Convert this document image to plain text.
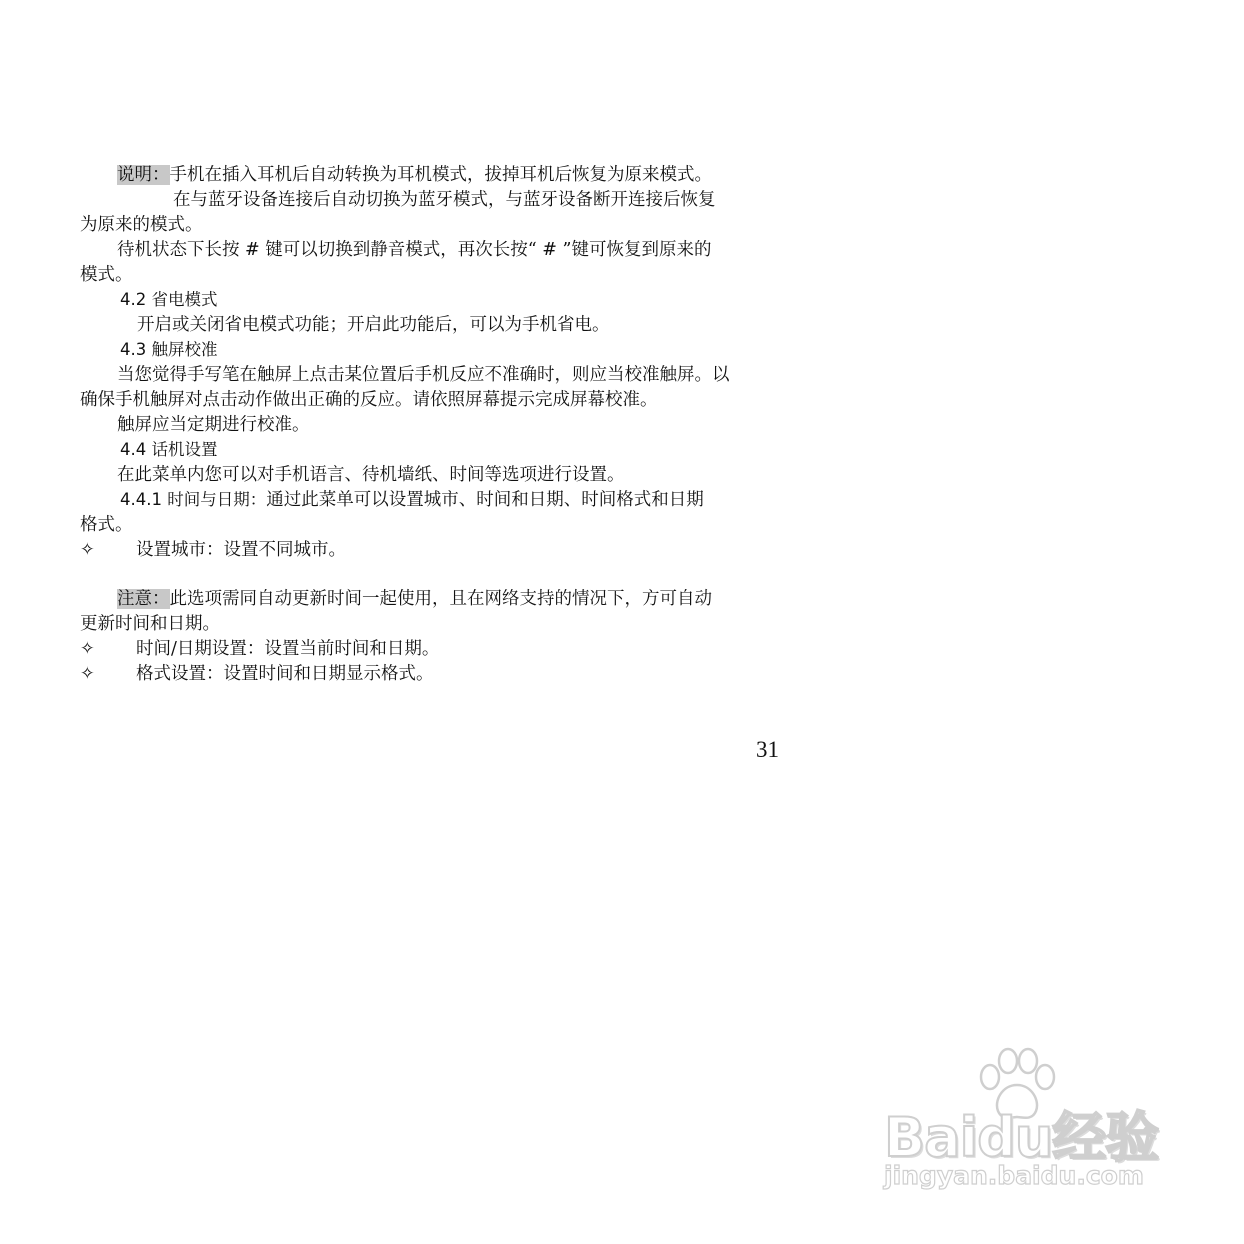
说明：手机在插入耳机后自动转换为耳机模式，拔掉耳机后恢复为原来模式。
在与蓝牙设备连接后自动切换为蓝牙模式，与蓝牙设备断开连接后恢复
为原来的模式。
待机状态下长按 # 键可以切换到静音模式，再次长按“ # ”键可恢复到原来的
模式。
4.2 省电模式
开启或关闭省电模式功能；开启此功能后，可以为手机省电。
4.3 触屏校准
当您觉得手写笔在触屏上点击某位置后手机反应不准确时，则应当校准触屏。以
确保手机触屏对点击动作做出正确的反应。请依照屏幕提示完成屏幕校准。
触屏应当定期进行校准。
4.4 话机设置
在此菜单内您可以对手机语言、待机墙纸、时间等选项进行设置。
4.4.1 时间与日期：通过此菜单可以设置城市、时间和日期、时间格式和日期
格式。
✧ 设置城市：设置不同城市。
注意：此选项需同自动更新时间一起使用，且在网络支持的情况下，方可自动
更新时间和日期。
✧ 时间/日期设置：设置当前时间和日期。
✧ 格式设置：设置时间和日期显示格式。
31
Baidu经验
jingyan.baidu.com
